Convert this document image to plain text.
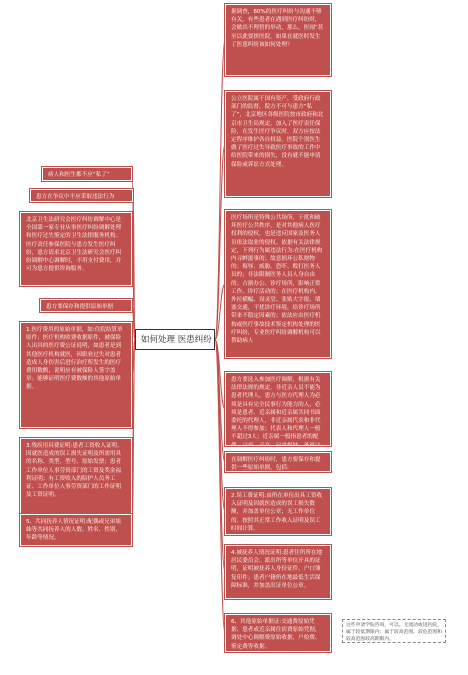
如何处理 医患纠纷
病人和医生都不应“私了”
患方在争议中不应采取违法行为
北京卫生法研究会医疗纠纷调解中心是全国第一家专业从事医疗纠纷调解处理和医疗过失鉴定的卫生法律服务机构。医疗责任参保医院与患方发生医疗纠纷，患方请求北京卫生法研究会医疗纠纷调解中心调解时，不用支付费用，并可为患方提供咨询服务。
患方要保存和提供原始单据
1.医疗费用的原始单据，如:住院结算单原件；医疗机构收费收据原件，被保险人出具的医疗费公证说明，如患者是到其他医疗机构就医，因职业过失对患者造成人身伤害后进行治疗所发生的医疗费用数额，说明应有被保险人签字盖章；能够证明医疗费数额的其他原始单据。
3.残疾用具费证明:患者工资收入证明、因就医造成的误工损失证明及所需用具的名称、类型、型号、原始发票；患者工作单位人事劳资部门的工资及奖金福利证明；有工资收入的陪护人员务工证、工作单位人事劳资部门的工作证明及工资证明。
5、共同抚养人情况证明:配偶或兄弟姐妹等共同抚养人的人数、姓名、性别、年龄等情况。
据调查，80%的医疗纠纷与沟通不够有关，有些患者在遇到医疗纠纷时，会做出不理智的举动，那么，医闹”甚至以此要挟医院。如果在就医时发生了医患纠纷该如何处理？
公立医院属于国有资产，受政府行政部门的监督，院方不可与患方“私了”，北京地区各级医院按市政府和北京市卫生局规定，加入了医疗责任保险，在发生医疗争议时，双方应按法定程序维护各自权益。医院个别医生做了医疗过失导致医疗事故的工作中给医院带来的损失，没有就不能申请保险或诉讼方式处理。
医疗场所是特殊公共场所，干扰和破坏医疗公共秩序，是对其他病人医疗权利的侵权，也是违反国家及医务人员依法取业的侵权。依据有关法律规定，下列行为属违法行为:在医疗机构内寻衅滋事的；故意损坏公私财物的；侮辱、威胁、恐吓、殴打医务人员的；非法限制医务人员人身自由的；占据办公、诊疗场所，影响正常工作、诊疗活动的；在医疗机构内、外拉横幅、设灵堂、张贴大字报、堵塞交通，干扰诊疗环境，给诊疗场所带来不稳定因素的；依法应由医疗机构或医疗事故技术鉴定机构处理的医疗纠纷，专业医疗纠纷调解机构可以帮助病人
患方要选入参加医疗调解，根据有关法律法规的规定，非近亲人员不能为患者代理人，患方与医方代理人为必须是具有完全民事行为能力的人，必须是患者、近亲属和近亲属共同书面委托的代理人，非近亲属代表和非代理人不得参加；代表人和代理人一般不超过3人；近亲属一般指患者的配偶、父母、子女，兄弟姐妹、外祖父
在调解医疗纠纷时，患方要保存和提供一些原始单据，包括:
2.误工费证明:由所在单位出具工资收入证明及因就医造成的误工损失数额，并加盖单位公章；无工作单位的，按照其正常工作收入证明及误工时间计算。
4.被抚养人情况证明:患者住所所在地居民委员会、派出所等单位开具的证明，证明被抚养人身份证件、户口簿复印件；患者户籍所在地最低生活保障标准，并加盖出证单位公章。
6、其他原始单据证:交通费原始凭据、患者或近亲属住宿费原始凭据，调处中心调解费原始收据，户检费、鉴定费等收据。
这些申请学院咨询，可以。无流动或进医院，属于较低期限内；属于较高范围。较危范围和较高范围较高期限内。
